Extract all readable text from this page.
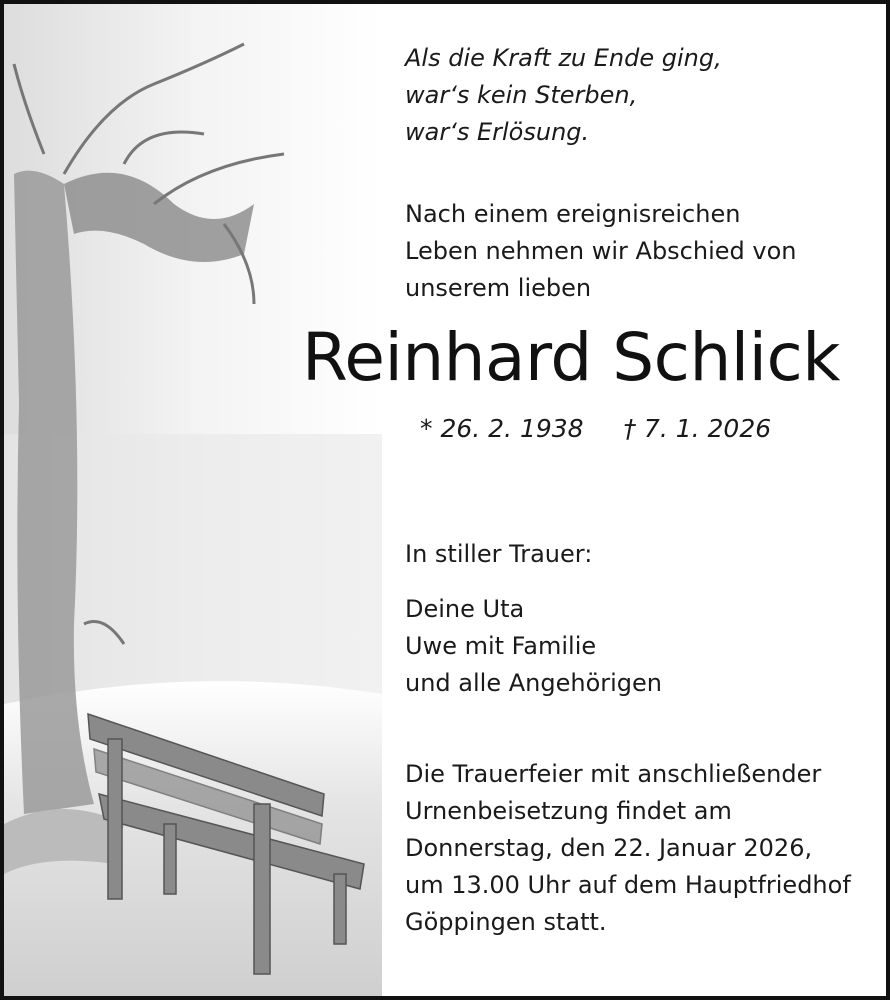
Als die Kraft zu Ende ging,
war‘s kein Sterben,
war‘s Erlösung.
Nach einem ereignisreichen
Leben nehmen wir Abschied von
unserem lieben
Reinhard Schlick
* 26. 2. 1938 † 7. 1. 2026
In stiller Trauer:
Deine Uta
Uwe mit Familie
und alle Angehörigen
Die Trauerfeier mit anschließender
Urnenbeisetzung findet am
Donnerstag, den 22. Januar 2026,
um 13.00 Uhr auf dem Hauptfriedhof
Göppingen statt.
